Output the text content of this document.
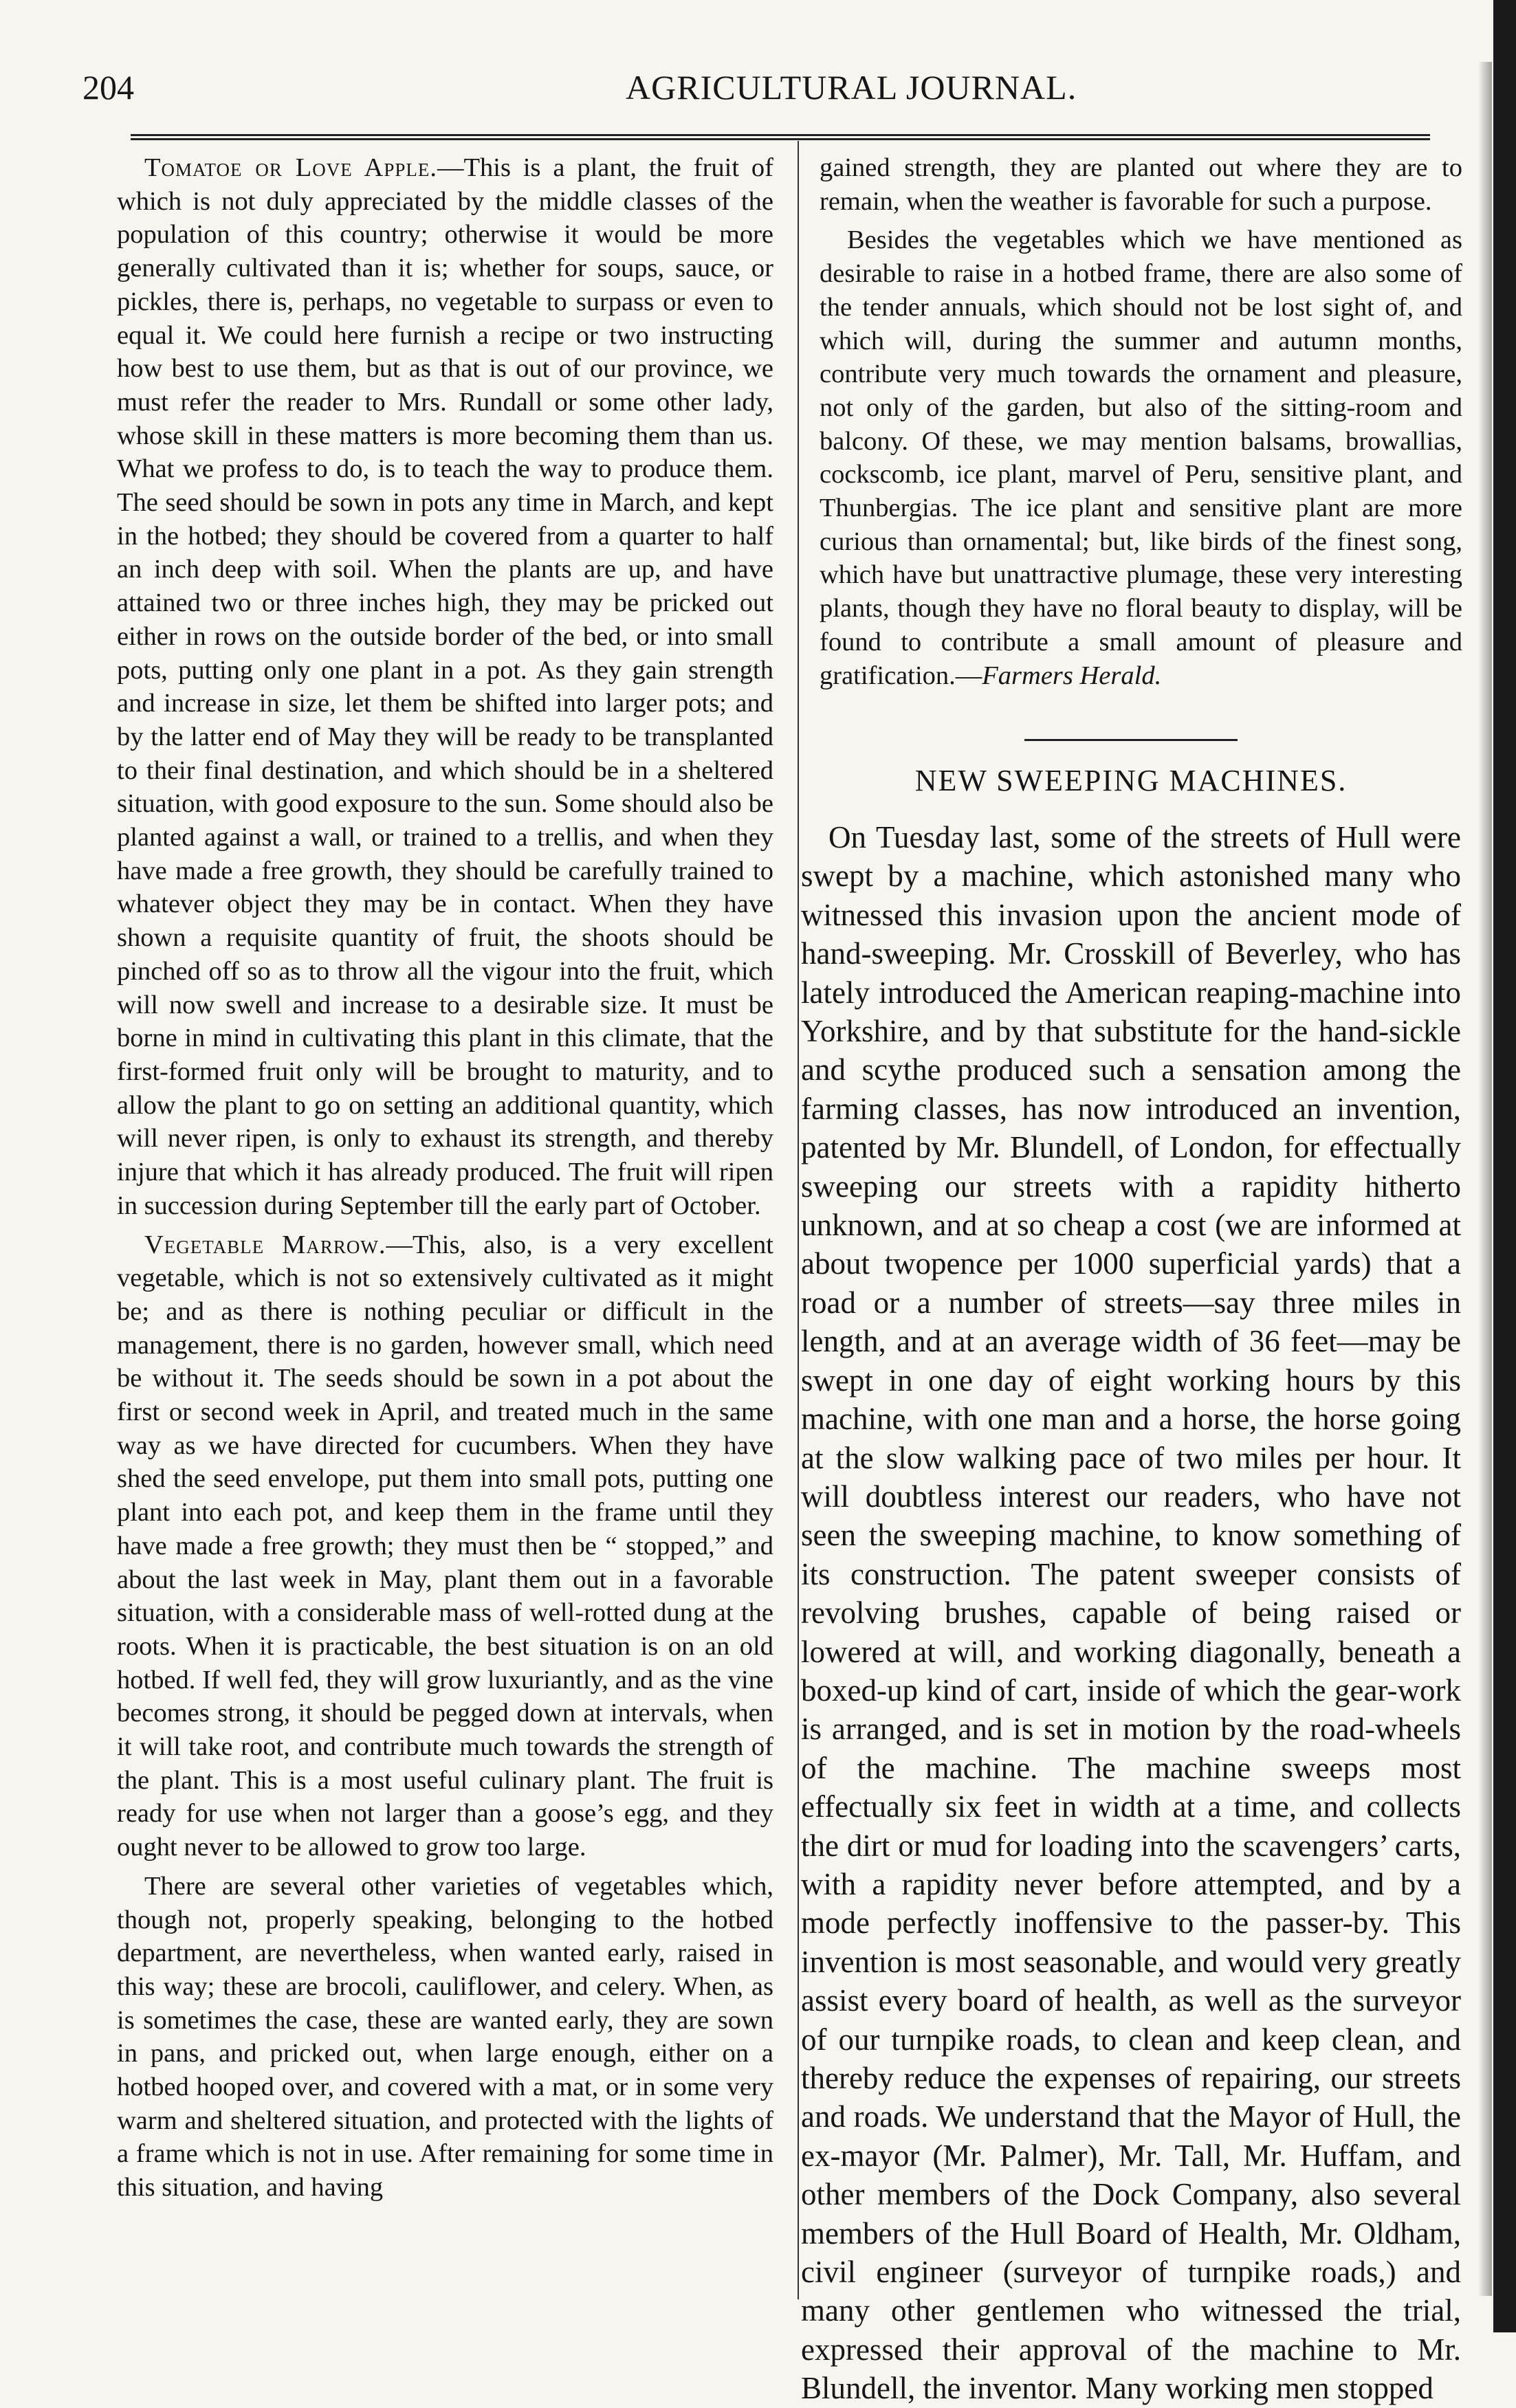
204	AGRICULTURAL JOURNAL.

Tomatoe or Love Apple.—This is a plant, the fruit of which is not duly appreciated by the middle classes of the population of this country; otherwise it would be more generally cultivated than it is; whether for soups, sauce, or pickles, there is, perhaps, no vegetable to surpass or even to equal it. We could here furnish a recipe or two instructing how best to use them, but as that is out of our province, we must refer the reader to Mrs. Rundall or some other lady, whose skill in these matters is more becoming them than us. What we profess to do, is to teach the way to produce them. The seed should be sown in pots any time in March, and kept in the hotbed; they should be covered from a quarter to half an inch deep with soil. When the plants are up, and have attained two or three inches high, they may be pricked out either in rows on the outside border of the bed, or into small pots, putting only one plant in a pot. As they gain strength and increase in size, let them be shifted into larger pots; and by the latter end of May they will be ready to be transplanted to their final destination, and which should be in a sheltered situation, with good exposure to the sun. Some should also be planted against a wall, or trained to a trellis, and when they have made a free growth, they should be carefully trained to whatever object they may be in contact. When they have shown a requisite quantity of fruit, the shoots should be pinched off so as to throw all the vigour into the fruit, which will now swell and increase to a desirable size. It must be borne in mind in cultivating this plant in this climate, that the first-formed fruit only will be brought to maturity, and to allow the plant to go on setting an additional quantity, which will never ripen, is only to exhaust its strength, and thereby injure that which it has already produced. The fruit will ripen in succession during September till the early part of October.

Vegetable Marrow.—This, also, is a very excellent vegetable, which is not so extensively cultivated as it might be; and as there is nothing peculiar or difficult in the management, there is no garden, however small, which need be without it. The seeds should be sown in a pot about the first or second week in April, and treated much in the same way as we have directed for cucumbers. When they have shed the seed envelope, put them into small pots, putting one plant into each pot, and keep them in the frame until they have made a free growth; they must then be “ stopped,” and about the last week in May, plant them out in a favorable situation, with a considerable mass of well-rotted dung at the roots. When it is practicable, the best situation is on an old hotbed. If well fed, they will grow luxuriantly, and as the vine becomes strong, it should be pegged down at intervals, when it will take root, and contribute much towards the strength of the plant. This is a most useful culinary plant. The fruit is ready for use when not larger than a goose’s egg, and they ought never to be allowed to grow too large.

There are several other varieties of vegetables which, though not, properly speaking, belonging to the hotbed department, are nevertheless, when wanted early, raised in this way; these are brocoli, cauliflower, and celery. When, as is sometimes the case, these are wanted early, they are sown in pans, and pricked out, when large enough, either on a hotbed hooped over, and covered with a mat, or in some very warm and sheltered situation, and protected with the lights of a frame which is not in use. After remaining for some time in this situation, and having

gained strength, they are planted out where they are to remain, when the weather is favorable for such a purpose.

Besides the vegetables which we have mentioned as desirable to raise in a hotbed frame, there are also some of the tender annuals, which should not be lost sight of, and which will, during the summer and autumn months, contribute very much towards the ornament and pleasure, not only of the garden, but also of the sitting-room and balcony. Of these, we may mention balsams, browallias, cockscomb, ice plant, marvel of Peru, sensitive plant, and Thunbergias. The ice plant and sensitive plant are more curious than ornamental; but, like birds of the finest song, which have but unattractive plumage, these very interesting plants, though they have no floral beauty to display, will be found to contribute a small amount of pleasure and gratification.—Farmers Herald.

NEW SWEEPING MACHINES.

On Tuesday last, some of the streets of Hull were swept by a machine, which astonished many who witnessed this invasion upon the ancient mode of hand-sweeping. Mr. Crosskill of Beverley, who has lately introduced the American reaping-machine into Yorkshire, and by that substitute for the hand-sickle and scythe produced such a sensation among the farming classes, has now introduced an invention, patented by Mr. Blundell, of London, for effectually sweeping our streets with a rapidity hitherto unknown, and at so cheap a cost (we are informed at about twopence per 1000 superficial yards) that a road or a number of streets—say three miles in length, and at an average width of 36 feet—may be swept in one day of eight working hours by this machine, with one man and a horse, the horse going at the slow walking pace of two miles per hour. It will doubtless interest our readers, who have not seen the sweeping machine, to know something of its construction. The patent sweeper consists of revolving brushes, capable of being raised or lowered at will, and working diagonally, beneath a boxed-up kind of cart, inside of which the gear-work is arranged, and is set in motion by the road-wheels of the machine. The machine sweeps most effectually six feet in width at a time, and collects the dirt or mud for loading into the scavengers’ carts, with a rapidity never before attempted, and by a mode perfectly inoffensive to the passer-by. This invention is most seasonable, and would very greatly assist every board of health, as well as the surveyor of our turnpike roads, to clean and keep clean, and thereby reduce the expenses of repairing, our streets and roads. We understand that the Mayor of Hull, the ex-mayor (Mr. Palmer), Mr. Tall, Mr. Huffam, and other members of the Dock Company, also several members of the Hull Board of Health, Mr. Oldham, civil engineer (surveyor of turnpike roads,) and many other gentlemen who witnessed the trial, expressed their approval of the machine to Mr. Blundell, the inventor. Many working men stopped
